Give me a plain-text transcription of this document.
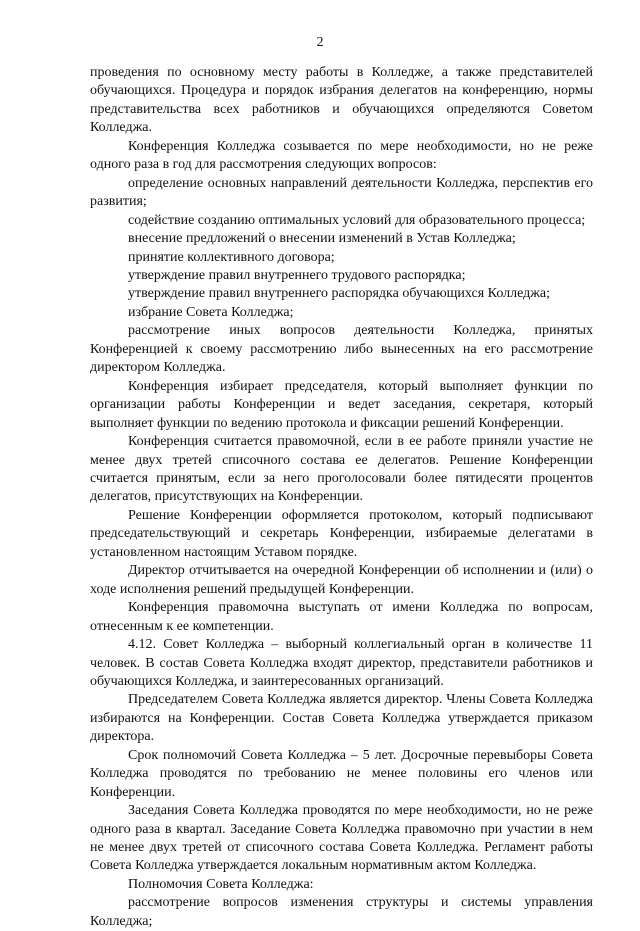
2

проведения по основному месту работы в Колледже, а также представителей обучающихся. Процедура и порядок избрания делегатов на конференцию, нормы представительства всех работников и обучающихся определяются Советом Колледжа.

Конференция Колледжа созывается по мере необходимости, но не реже одного раза в год для рассмотрения следующих вопросов:

определение основных направлений деятельности Колледжа, перспектив его развития;

содействие созданию оптимальных условий для образовательного процесса;

внесение предложений о внесении изменений в Устав Колледжа;

принятие коллективного договора;

утверждение правил внутреннего трудового распорядка;

утверждение правил внутреннего распорядка обучающихся Колледжа;

избрание Совета Колледжа;

рассмотрение иных вопросов деятельности Колледжа, принятых Конференцией к своему рассмотрению либо вынесенных на его рассмотрение директором Колледжа.

Конференция избирает председателя, который выполняет функции по организации работы Конференции и ведет заседания, секретаря, который выполняет функции по ведению протокола и фиксации решений Конференции.

Конференция считается правомочной, если в ее работе приняли участие не менее двух третей списочного состава ее делегатов. Решение Конференции считается принятым, если за него проголосовали более пятидесяти процентов делегатов, присутствующих на Конференции.

Решение Конференции оформляется протоколом, который подписывают председательствующий и секретарь Конференции, избираемые делегатами в установленном настоящим Уставом порядке.

Директор отчитывается на очередной Конференции об исполнении и (или) о ходе исполнения решений предыдущей Конференции.

Конференция правомочна выступать от имени Колледжа по вопросам, отнесенным к ее компетенции.

4.12. Совет Колледжа – выборный коллегиальный орган в количестве 11 человек. В состав Совета Колледжа входят директор, представители работников и обучающихся Колледжа, и заинтересованных организаций.

Председателем Совета Колледжа является директор. Члены Совета Колледжа избираются на Конференции. Состав Совета Колледжа утверждается приказом директора.

Срок полномочий Совета Колледжа – 5 лет. Досрочные перевыборы Совета Колледжа проводятся по требованию не менее половины его членов или Конференции.

Заседания Совета Колледжа проводятся по мере необходимости, но не реже одного раза в квартал. Заседание Совета Колледжа правомочно при участии в нем не менее двух третей от списочного состава Совета Колледжа. Регламент работы Совета Колледжа утверждается локальным нормативным актом Колледжа.

Полномочия Совета Колледжа:

рассмотрение вопросов изменения структуры и системы управления Колледжа;
